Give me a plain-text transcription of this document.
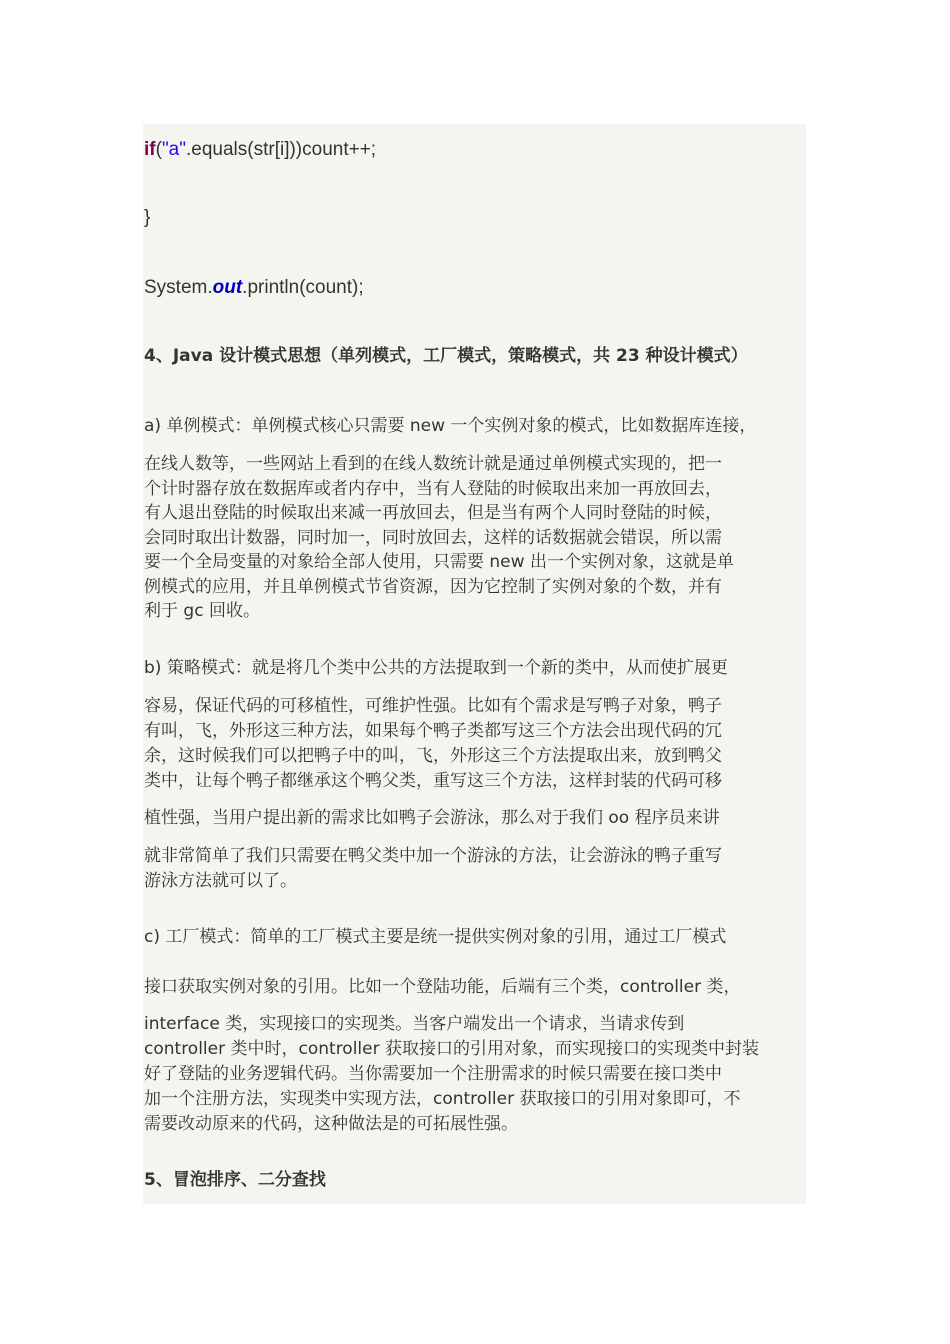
if("a".equals(str[i]))count++;
}
System.out.println(count);
4、Java 设计模式思想（单列模式，工厂模式，策略模式，共 23 种设计模式）
a) 单例模式：单例模式核心只需要 new 一个实例对象的模式，比如数据库连接，
在线人数等，一些网站上看到的在线人数统计就是通过单例模式实现的，把一
个计时器存放在数据库或者内存中，当有人登陆的时候取出来加一再放回去，
有人退出登陆的时候取出来减一再放回去，但是当有两个人同时登陆的时候，
会同时取出计数器，同时加一，同时放回去，这样的话数据就会错误，所以需
要一个全局变量的对象给全部人使用，只需要 new 出一个实例对象，这就是单
例模式的应用，并且单例模式节省资源，因为它控制了实例对象的个数，并有
利于 gc 回收。
b) 策略模式：就是将几个类中公共的方法提取到一个新的类中，从而使扩展更
容易，保证代码的可移植性，可维护性强。比如有个需求是写鸭子对象，鸭子
有叫，飞，外形这三种方法，如果每个鸭子类都写这三个方法会出现代码的冗
余，这时候我们可以把鸭子中的叫，飞，外形这三个方法提取出来，放到鸭父
类中，让每个鸭子都继承这个鸭父类，重写这三个方法，这样封装的代码可移
植性强，当用户提出新的需求比如鸭子会游泳，那么对于我们 oo 程序员来讲
就非常简单了我们只需要在鸭父类中加一个游泳的方法，让会游泳的鸭子重写
游泳方法就可以了。
c) 工厂模式：简单的工厂模式主要是统一提供实例对象的引用，通过工厂模式
接口获取实例对象的引用。比如一个登陆功能，后端有三个类，controller 类，
interface 类，实现接口的实现类。当客户端发出一个请求，当请求传到
controller 类中时，controller 获取接口的引用对象，而实现接口的实现类中封装
好了登陆的业务逻辑代码。当你需要加一个注册需求的时候只需要在接口类中
加一个注册方法，实现类中实现方法，controller 获取接口的引用对象即可，不
需要改动原来的代码，这种做法是的可拓展性强。
5、冒泡排序、二分查找
